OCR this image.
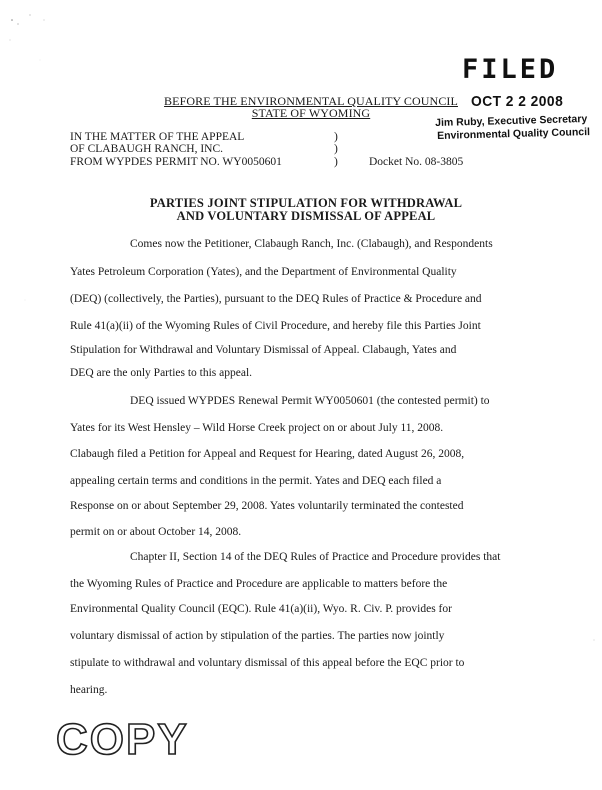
FILED
OCT 2 2 2008
Jim Ruby, Executive Secretary
Environmental Quality Council
BEFORE THE ENVIRONMENTAL QUALITY COUNCIL
STATE OF WYOMING
IN THE MATTER OF THE APPEAL
OF CLABAUGH RANCH, INC.
FROM WYPDES PERMIT NO. WY0050601
)
)
)	Docket No. 08-3805
PARTIES JOINT STIPULATION FOR WITHDRAWAL
AND VOLUNTARY DISMISSAL OF APPEAL
Comes now the Petitioner, Clabaugh Ranch, Inc. (Clabaugh), and Respondents
Yates Petroleum Corporation (Yates), and the Department of Environmental Quality
(DEQ) (collectively, the Parties), pursuant to the DEQ Rules of Practice & Procedure and
Rule 41(a)(ii) of the Wyoming Rules of Civil Procedure, and hereby file this Parties Joint
Stipulation for Withdrawal and Voluntary Dismissal of Appeal. Clabaugh, Yates and
DEQ are the only Parties to this appeal.
DEQ issued WYPDES Renewal Permit WY0050601 (the contested permit) to
Yates for its West Hensley – Wild Horse Creek project on or about July 11, 2008.
Clabaugh filed a Petition for Appeal and Request for Hearing, dated August 26, 2008,
appealing certain terms and conditions in the permit. Yates and DEQ each filed a
Response on or about September 29, 2008. Yates voluntarily terminated the contested
permit on or about October 14, 2008.
Chapter II, Section 14 of the DEQ Rules of Practice and Procedure provides that
the Wyoming Rules of Practice and Procedure are applicable to matters before the
Environmental Quality Council (EQC). Rule 41(a)(ii), Wyo. R. Civ. P. provides for
voluntary dismissal of action by stipulation of the parties. The parties now jointly
stipulate to withdrawal and voluntary dismissal of this appeal before the EQC prior to
hearing.
COPY
